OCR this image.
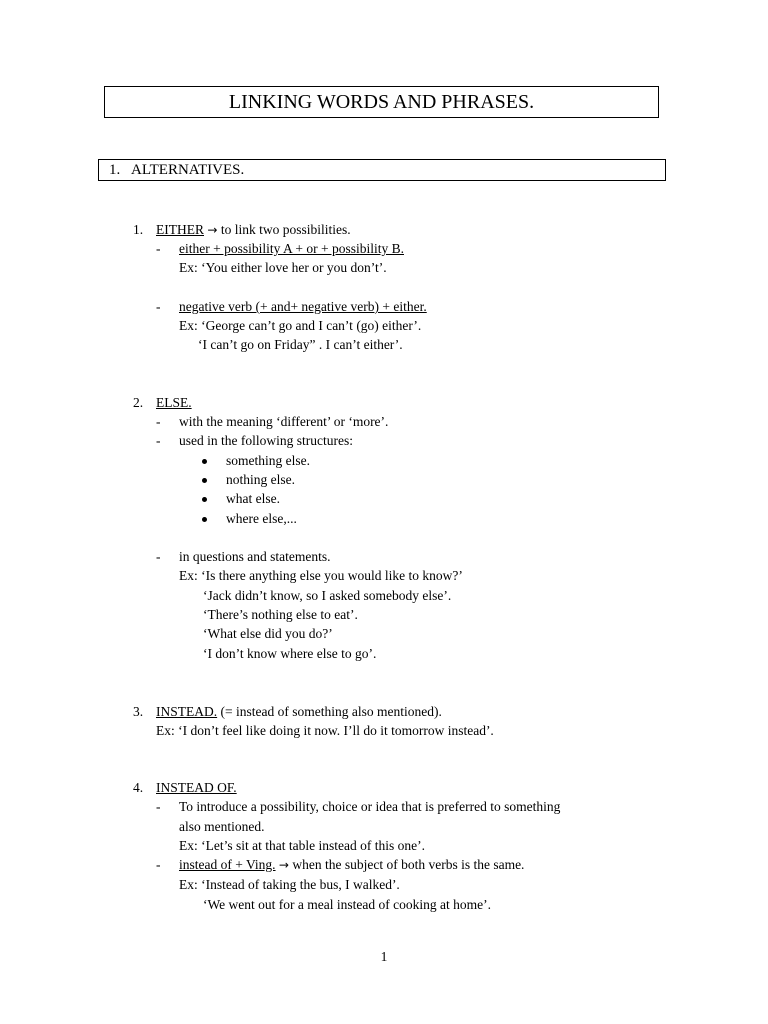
LINKING WORDS AND PHRASES.
1. ALTERNATIVES.
1. EITHER → to link two possibilities.
- either + possibility A + or + possibility B.
Ex: ‘You either love her or you don’t’.
- negative verb (+ and+ negative verb) + either.
Ex: ‘George can’t go and I can’t (go) either’.
‘I can’t go on Friday” . I can’t either’.
2. ELSE.
- with the meaning ‘different’ or ‘more’.
- used in the following structures:
something else.
nothing else.
what else.
where else,...
- in questions and statements.
Ex: ‘Is there anything else you would like to know?’
‘Jack didn’t know, so I asked somebody else’.
‘There’s nothing else to eat’.
‘What else did you do?’
‘I don’t know where else to go’.
3. INSTEAD. (= instead of something also mentioned).
Ex: ‘I don’t feel like doing it now. I’ll do it tomorrow instead’.
4. INSTEAD OF.
- To introduce a possibility, choice or idea that is preferred to something
also mentioned.
Ex: ‘Let’s sit at that table instead of this one’.
- instead of + Ving. → when the subject of both verbs is the same.
Ex: ‘Instead of taking the bus, I walked’.
‘We went out for a meal instead of cooking at home’.
1
